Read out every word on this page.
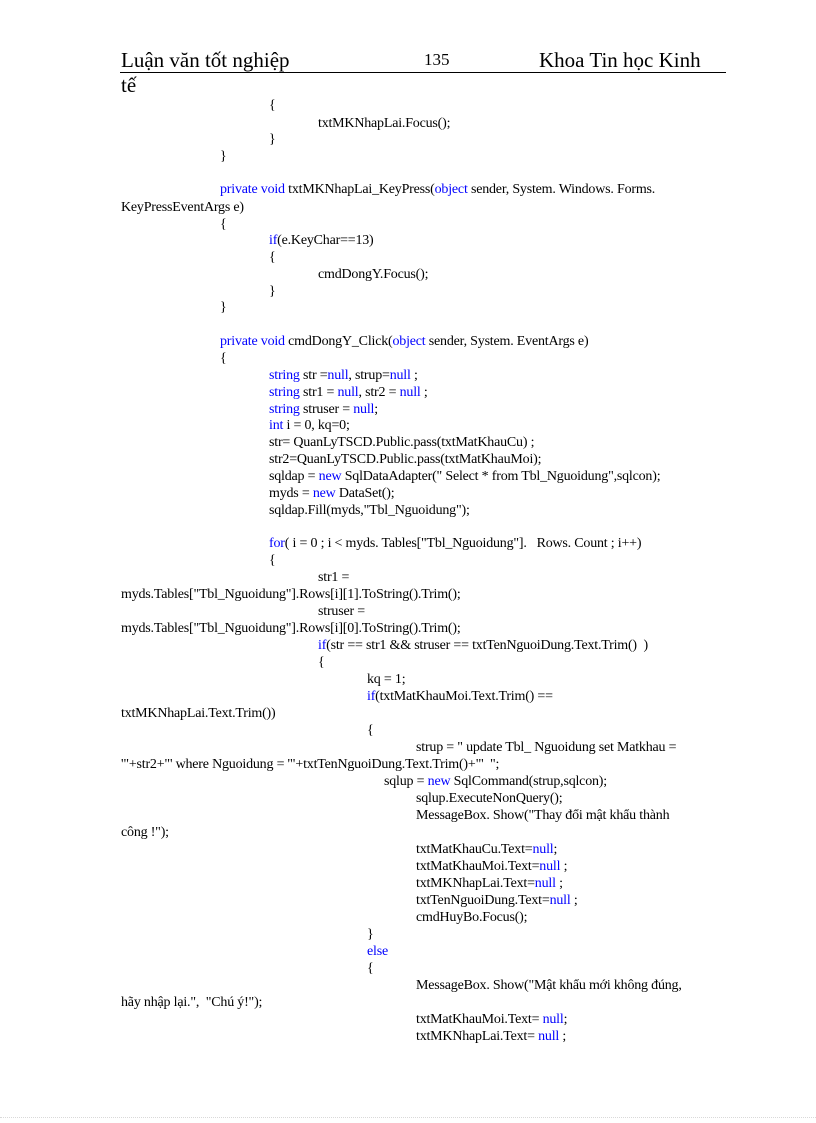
Luận văn tốt nghiệp	135	Khoa Tin học Kinh
tế
{
txtMKNhapLai.Focus();
}
}
private void txtMKNhapLai_KeyPress(object sender, System. Windows. Forms.
KeyPressEventArgs e)
{
if(e.KeyChar==13)
{
cmdDongY.Focus();
}
}
private void cmdDongY_Click(object sender, System. EventArgs e)
{
string str =null, strup=null ;
string str1 = null, str2 = null ;
string struser = null;
int i = 0, kq=0;
str= QuanLyTSCD.Public.pass(txtMatKhauCu) ;
str2=QuanLyTSCD.Public.pass(txtMatKhauMoi);
sqldap = new SqlDataAdapter(" Select * from Tbl_Nguoidung",sqlcon);
myds = new DataSet();
sqldap.Fill(myds,"Tbl_Nguoidung");
for( i = 0 ; i < myds. Tables["Tbl_Nguoidung"].   Rows. Count ; i++)
{
str1 =
myds.Tables["Tbl_Nguoidung"].Rows[i][1].ToString().Trim();
struser =
myds.Tables["Tbl_Nguoidung"].Rows[i][0].ToString().Trim();
if(str == str1 && struser == txtTenNguoiDung.Text.Trim()  )
{
kq = 1;
if(txtMatKhauMoi.Text.Trim() ==
txtMKNhapLai.Text.Trim())
{
strup = " update Tbl_ Nguoidung set Matkhau =
'"+str2+"' where Nguoidung = '"+txtTenNguoiDung.Text.Trim()+"'  ";
sqlup = new SqlCommand(strup,sqlcon);
sqlup.ExecuteNonQuery();
MessageBox. Show("Thay đổi mật khẩu thành
công !");
txtMatKhauCu.Text=null;
txtMatKhauMoi.Text=null ;
txtMKNhapLai.Text=null ;
txtTenNguoiDung.Text=null ;
cmdHuyBo.Focus();
}
else
{
MessageBox. Show("Mật khẩu mới không đúng,
hãy nhập lại.",  "Chú ý!");
txtMatKhauMoi.Text= null;
txtMKNhapLai.Text= null ;
